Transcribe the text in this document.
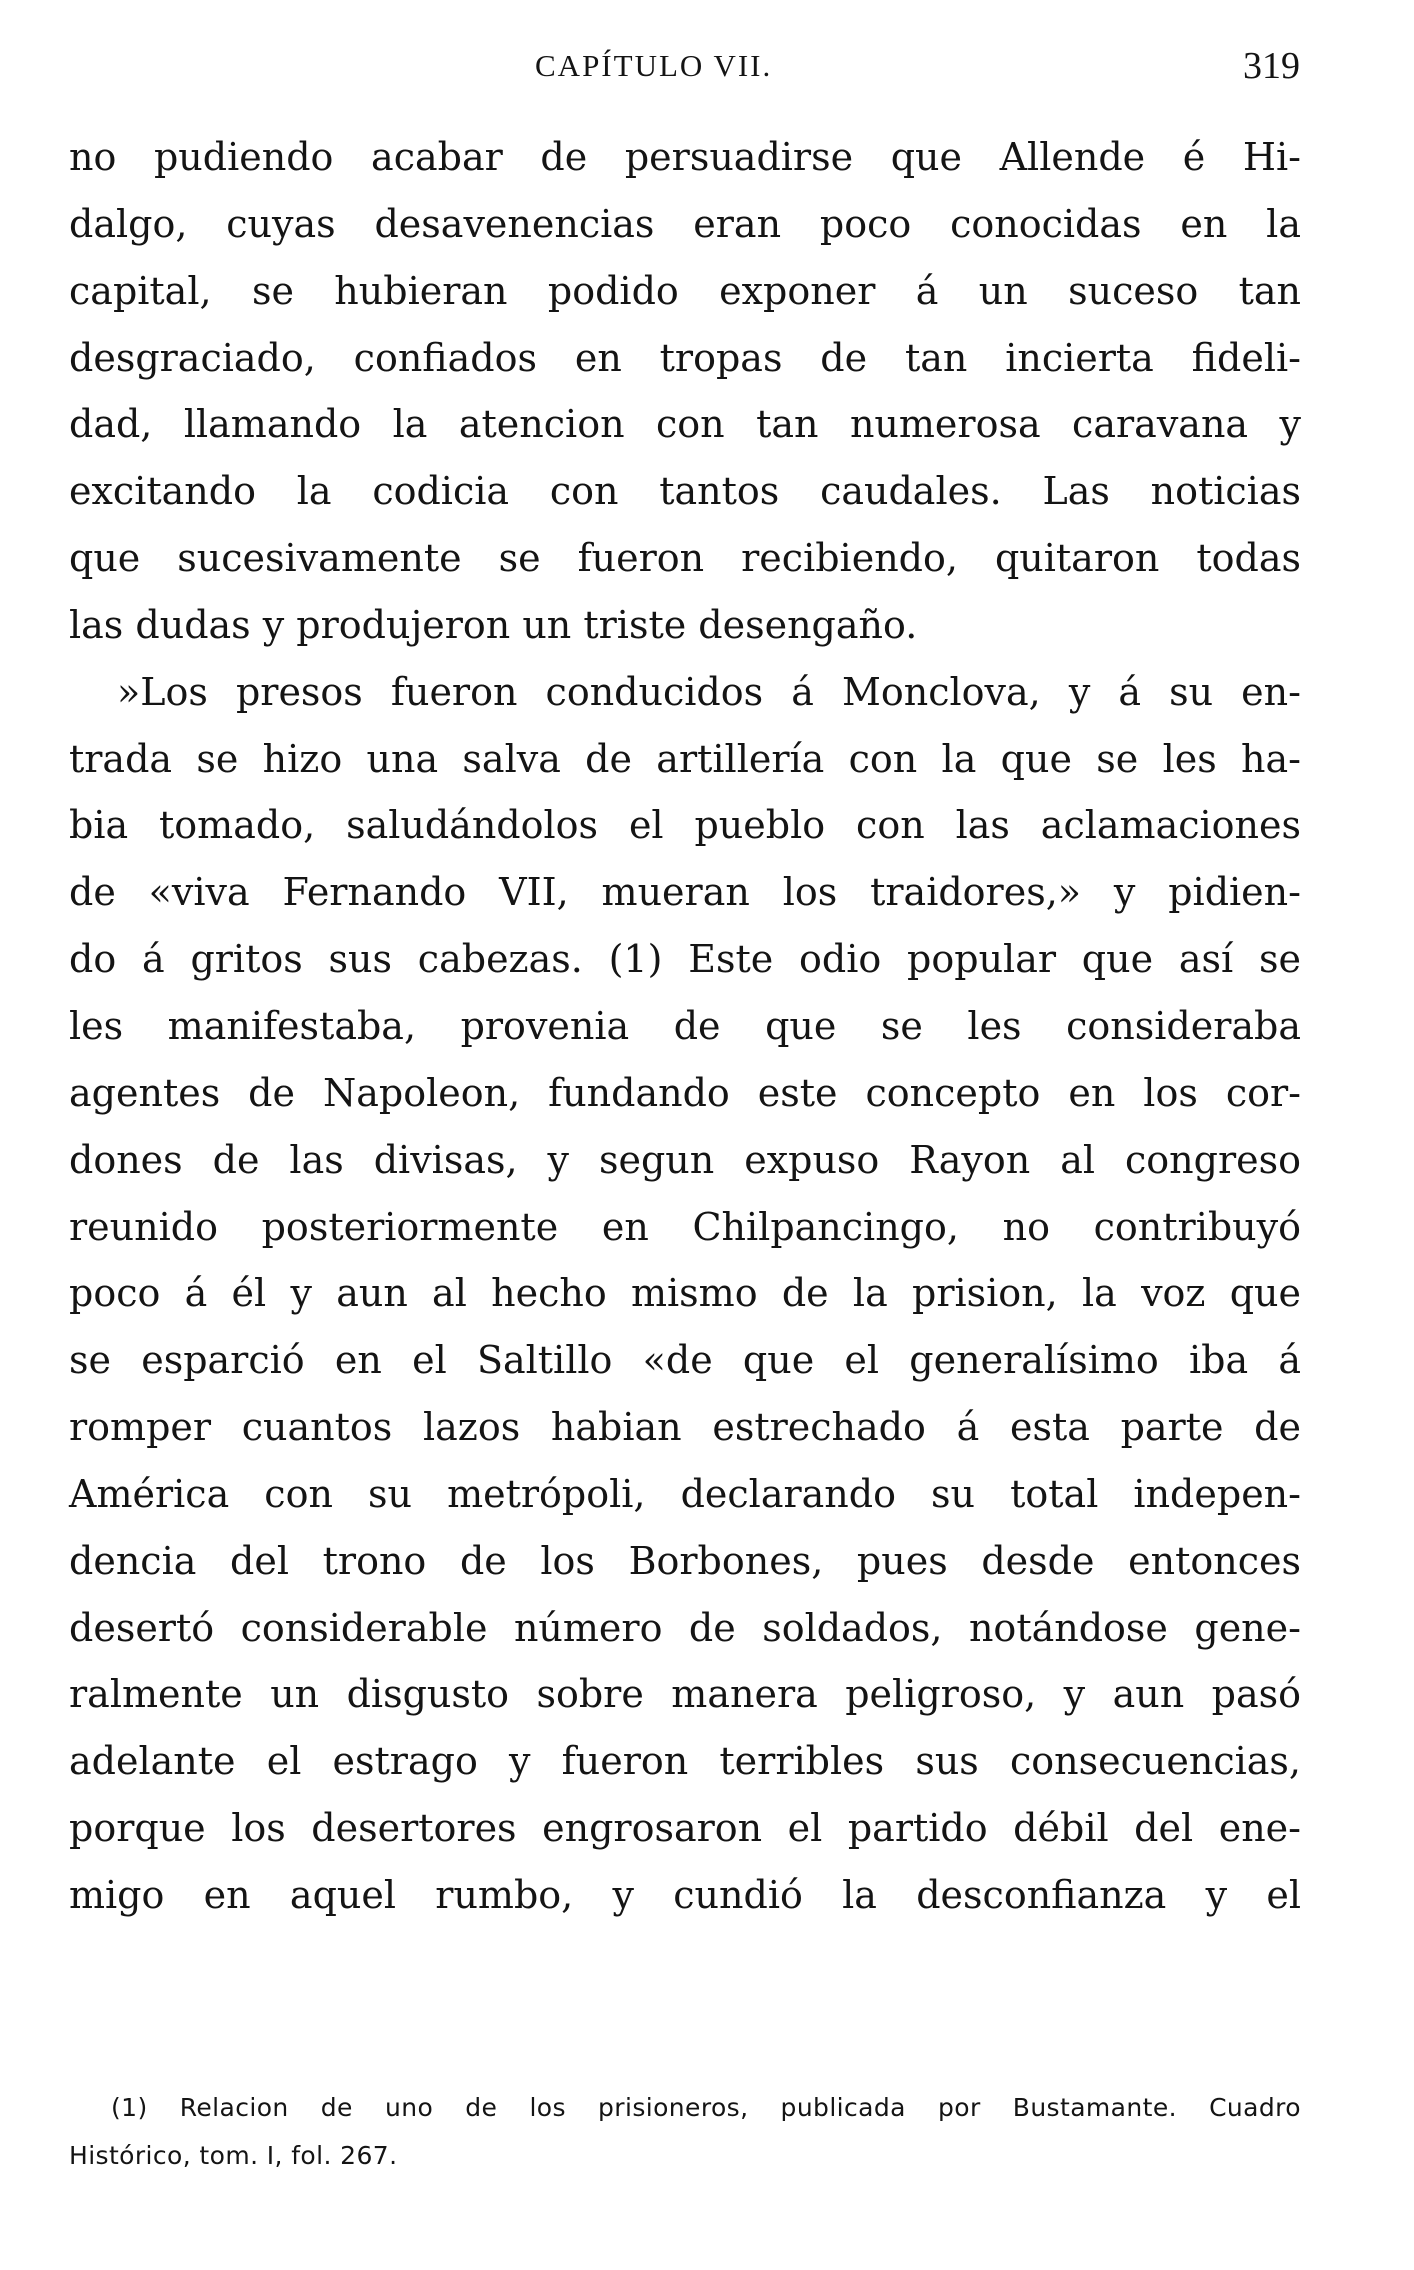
CAPÍTULO VII.	319
no pudiendo acabar de persuadirse que Allende é Hi-
dalgo, cuyas desavenencias eran poco conocidas en la
capital, se hubieran podido exponer á un suceso tan
desgraciado, confiados en tropas de tan incierta fideli-
dad, llamando la atencion con tan numerosa caravana y
excitando la codicia con tantos caudales. Las noticias
que sucesivamente se fueron recibiendo, quitaron todas
las dudas y produjeron un triste desengaño.
»Los presos fueron conducidos á Monclova, y á su en-
trada se hizo una salva de artillería con la que se les ha-
bia tomado, saludándolos el pueblo con las aclamaciones
de «viva Fernando VII, mueran los traidores,» y pidien-
do á gritos sus cabezas. (1) Este odio popular que así se
les manifestaba, provenia de que se les consideraba
agentes de Napoleon, fundando este concepto en los cor-
dones de las divisas, y segun expuso Rayon al congreso
reunido posteriormente en Chilpancingo, no contribuyó
poco á él y aun al hecho mismo de la prision, la voz que
se esparció en el Saltillo «de que el generalísimo iba á
romper cuantos lazos habian estrechado á esta parte de
América con su metrópoli, declarando su total indepen-
dencia del trono de los Borbones, pues desde entonces
desertó considerable número de soldados, notándose gene-
ralmente un disgusto sobre manera peligroso, y aun pasó
adelante el estrago y fueron terribles sus consecuencias,
porque los desertores engrosaron el partido débil del ene-
migo en aquel rumbo, y cundió la desconfianza y el
(1) Relacion de uno de los prisioneros, publicada por Bustamante. Cuadro
Histórico, tom. I, fol. 267.
